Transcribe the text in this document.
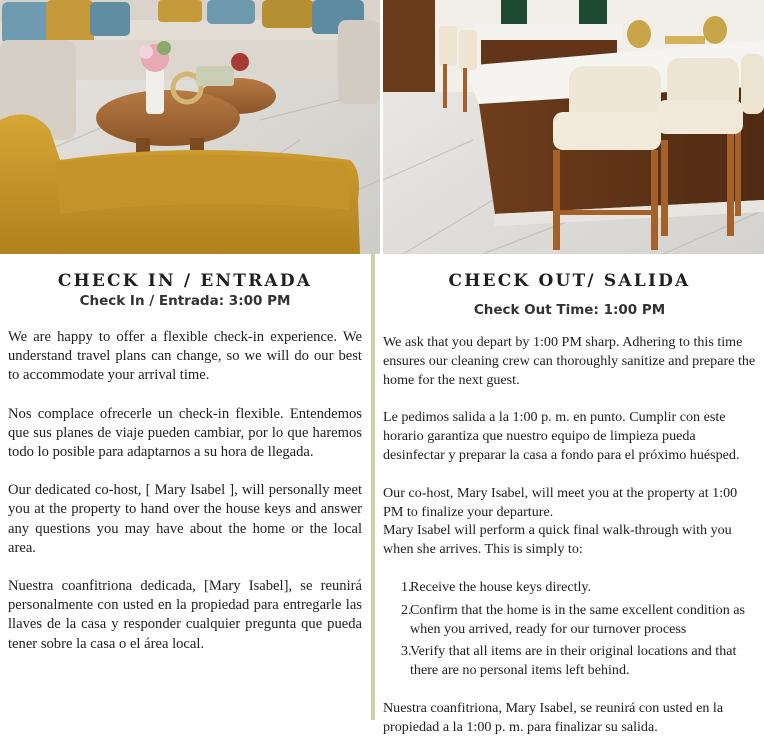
CHECK IN / ENTRADA
Check In / Entrada: 3:00 PM

We are happy to offer a flexible check-in experience. We understand travel plans can change, so we will do our best to accommodate your arrival time.

Nos complace ofrecerle un check-in flexible. Entendemos que sus planes de viaje pueden cambiar, por lo que haremos todo lo posible para adaptarnos a su hora de llegada.

Our dedicated co-host, [ Mary Isabel ], will personally meet you at the property to hand over the house keys and answer any questions you may have about the home or the local area.

Nuestra coanfitriona dedicada, [Mary Isabel], se reunirá personalmente con usted en la propiedad para entregarle las llaves de la casa y responder cualquier pregunta que pueda tener sobre la casa o el área local.

CHECK OUT/ SALIDA
Check Out Time: 1:00 PM

We ask that you depart by 1:00 PM sharp. Adhering to this time ensures our cleaning crew can thoroughly sanitize and prepare the home for the next guest.

Le pedimos salida a la 1:00 p. m. en punto. Cumplir con este horario garantiza que nuestro equipo de limpieza pueda desinfectar y preparar la casa a fondo para el próximo huésped.

Our co-host, Mary Isabel, will meet you at the property at 1:00 PM to finalize your departure.

Mary Isabel will perform a quick final walk-through with you when she arrives. This is simply to:

1.
Receive the house keys directly.
2.
Confirm that the home is in the same excellent condition as when you arrived, ready for our turnover process
3.
Verify that all items are in their original locations and that there are no personal items left behind.

Nuestra coanfitriona, Mary Isabel, se reunirá con usted en la propiedad a la 1:00 p. m. para finalizar su salida.
